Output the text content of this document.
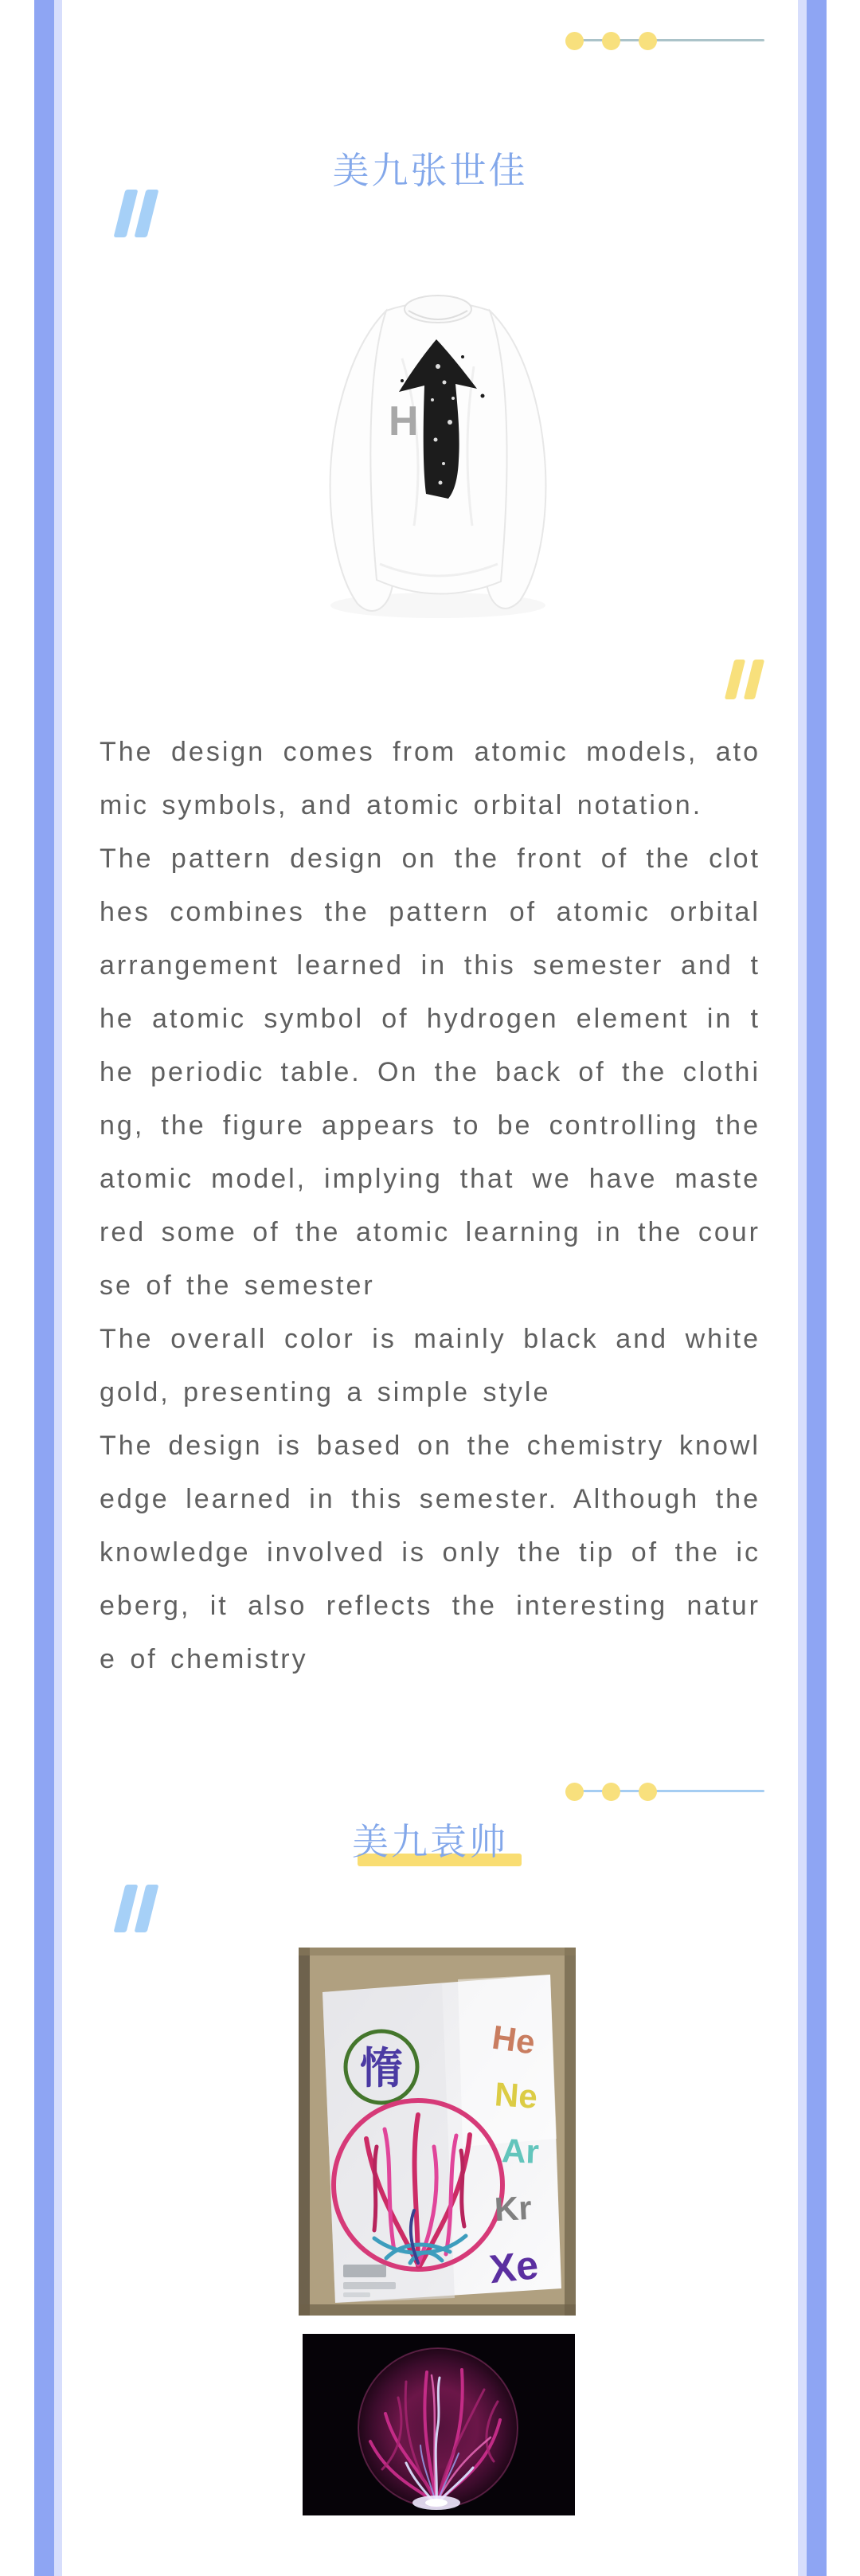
美九张世佳
H
The design comes from atomic models, ato
mic symbols, and atomic orbital notation.
The pattern design on the front of the clot
hes combines the pattern of atomic orbital
arrangement learned in this semester and t
he atomic symbol of hydrogen element in t
he periodic table. On the back of the clothi
ng, the figure appears to be controlling the
atomic model, implying that we have maste
red some of the atomic learning in the cour
se of the semester
The overall color is mainly black and white
gold, presenting a simple style
The design is based on the chemistry knowl
edge learned in this semester. Although the
knowledge involved is only the tip of the ic
eberg, it also reflects the interesting natur
e of chemistry
美九袁帅
惰
He
Ne
Ar
Kr
Xe
